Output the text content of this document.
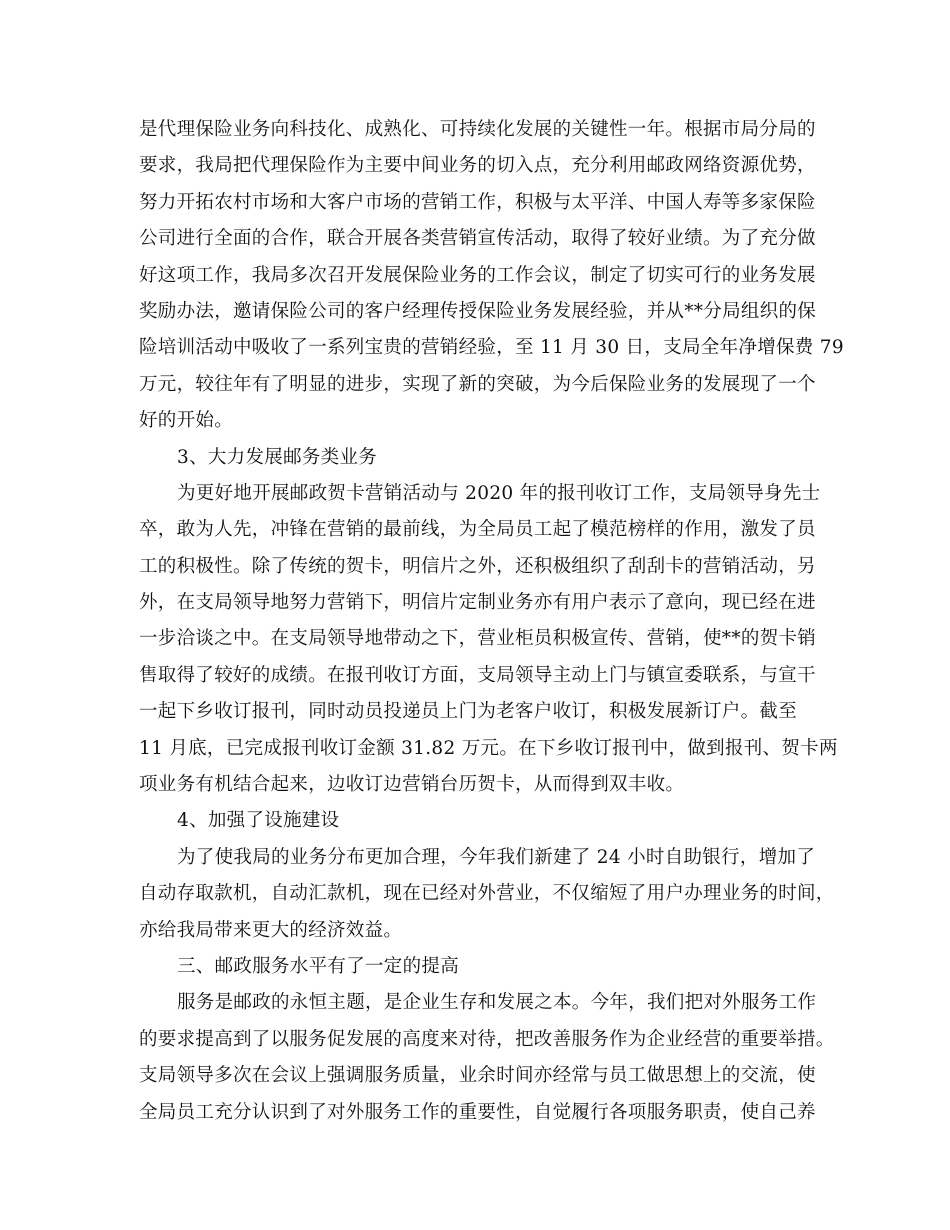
是代理保险业务向科技化、成熟化、可持续化发展的关键性一年。根据市局分局的
要求，我局把代理保险作为主要中间业务的切入点，充分利用邮政网络资源优势，
努力开拓农村市场和大客户市场的营销工作，积极与太平洋、中国人寿等多家保险
公司进行全面的合作，联合开展各类营销宣传活动，取得了较好业绩。为了充分做
好这项工作，我局多次召开发展保险业务的工作会议，制定了切实可行的业务发展
奖励办法，邀请保险公司的客户经理传授保险业务发展经验，并从**分局组织的保
险培训活动中吸收了一系列宝贵的营销经验，至 11 月 30 日，支局全年净增保费 79
万元，较往年有了明显的进步，实现了新的突破，为今后保险业务的发展现了一个
好的开始。
3、大力发展邮务类业务
为更好地开展邮政贺卡营销活动与 2020 年的报刊收订工作，支局领导身先士
卒，敢为人先，冲锋在营销的最前线，为全局员工起了模范榜样的作用，激发了员
工的积极性。除了传统的贺卡，明信片之外，还积极组织了刮刮卡的营销活动，另
外，在支局领导地努力营销下，明信片定制业务亦有用户表示了意向，现已经在进
一步洽谈之中。在支局领导地带动之下，营业柜员积极宣传、营销，使**的贺卡销
售取得了较好的成绩。在报刊收订方面，支局领导主动上门与镇宣委联系，与宣干
一起下乡收订报刊，同时动员投递员上门为老客户收订，积极发展新订户。截至
11 月底，已完成报刊收订金额 31.82 万元。在下乡收订报刊中，做到报刊、贺卡两
项业务有机结合起来，边收订边营销台历贺卡，从而得到双丰收。
4、加强了设施建设
为了使我局的业务分布更加合理，今年我们新建了 24 小时自助银行，增加了
自动存取款机，自动汇款机，现在已经对外营业，不仅缩短了用户办理业务的时间，
亦给我局带来更大的经济效益。
三、邮政服务水平有了一定的提高
服务是邮政的永恒主题，是企业生存和发展之本。今年，我们把对外服务工作
的要求提高到了以服务促发展的高度来对待，把改善服务作为企业经营的重要举措。
支局领导多次在会议上强调服务质量，业余时间亦经常与员工做思想上的交流，使
全局员工充分认识到了对外服务工作的重要性，自觉履行各项服务职责，使自己养
